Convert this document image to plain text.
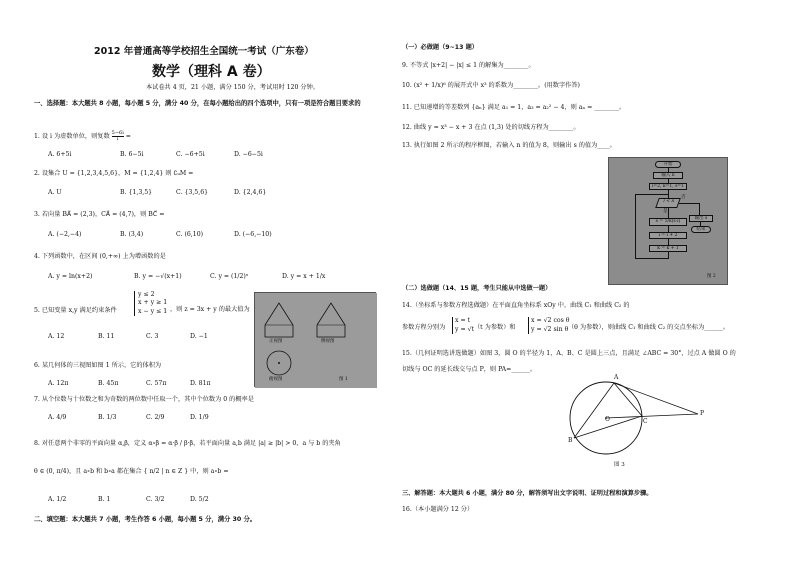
2012 年普通高等学校招生全国统一考试（广东卷）
数学（理科 A 卷）
本试卷共 4 页，21 小题，满分 150 分，考试用时 120 分钟。
一、选择题：本大题共 8 小题，每小题 5 分，满分 40 分，在每小题给出的四个选项中，只有一项是符合题目要求的
1. 设 i 为虚数单位，则复数 $\frac{5-6i}{i}$ =
A. 6+5i	B. 6−5i	C. −6+5i	D. −6−5i
2. 设集合 U = {1,2,3,4,5,6}，M = {1,2,4} 则 ∁ᵤM =
A. U	B. {1,3,5}	C. {3,5,6}	D. {2,4,6}
3. 若向量 BA⃗ = (2,3)，CA⃗ = (4,7)，则 BC⃗ =
A. (−2,−4)	B. (3,4)	C. (6,10)	D. (−6,−10)
4. 下列函数中，在区间 (0,+∞) 上为增函数的是
A. y = ln(x+2)	B. y = −√(x+1)	C. y = (1/2)ˣ	D. y = x + 1/x
5. 已知变量 x,y 满足约束条件
y ≤ 2
x + y ≥ 1
x − y ≤ 1 ，则 z = 3x + y 的最大值为
A. 12	B. 11	C. 3	D. −1
正视图	侧视图
俯视图	图 1
6. 某几何体的三视图如图 1 所示，它的体积为
A. 12π	B. 45π	C. 57π	D. 81π
7. 从个位数与十位数之和为奇数的两位数中任取一个，其中个位数为 0 的概率是
A. 4/9	B. 1/3	C. 2/9	D. 1/9
8. 对任意两个非零的平面向量 α,β，定义 α∘β = α·β / β·β，若平面向量 a,b 满足 |a| ≥ |b| > 0，a 与 b 的夹角
θ ∈ (0, π/4)，且 a∘b 和 b∘a 都在集合 { n/2 | n ∈ Z } 中，则 a∘b =
A. 1/2	B. 1	C. 3/2	D. 5/2
二、填空题：本大题共 7 小题，考生作答 6 小题，每小题 5 分，满分 30 分。
（一）必做题（9~13 题）
9. 不等式 |x+2| − |x| ≤ 1 的解集为________。
10. (x² + 1/x)⁶ 的展开式中 x³ 的系数为________。(用数字作答)
11. 已知递增的等差数列 {aₙ} 满足 a₁ = 1，a₃ = a₂² − 4，则 aₙ = ________。
12. 曲线 y = x³ − x + 3 在点 (1,3) 处的切线方程为________。
13. 执行如图 2 所示的程序框图，若输入 n 的值为 8，则输出 s 的值为____。
开始
输入 n
i=2, k=1, s=1
i < n
否
是
输出 s
结束
s = 1/k(s·i)
i = i + 2
k = k + 1
图 2
（二）选做题（14、15 题，考生只能从中选做一题）
14.（坐标系与参数方程选做题）在平面直角坐标系 xOy 中，曲线 C₁ 和曲线 C₂ 的
参数方程分别为
x = t
y = √t （t 为参数）和
x = √2 cos θ
y = √2 sin θ （θ 为参数），则曲线 C₁ 和曲线 C₂ 的交点坐标为______。
15.（几何证明选讲选做题）如图 3，圆 O 的半径为 1，A、B、C 是圆上三点，且满足 ∠ABC = 30°，过点 A 做圆 O 的
切线与 OC 的延长线交与点 P，则 PA=______。
A
B
C
O
P
图 3
三、解答题：本大题共 6 小题，满分 80 分，解答须写出文字说明、证明过程和演算步骤。
16.（本小题满分 12 分）
